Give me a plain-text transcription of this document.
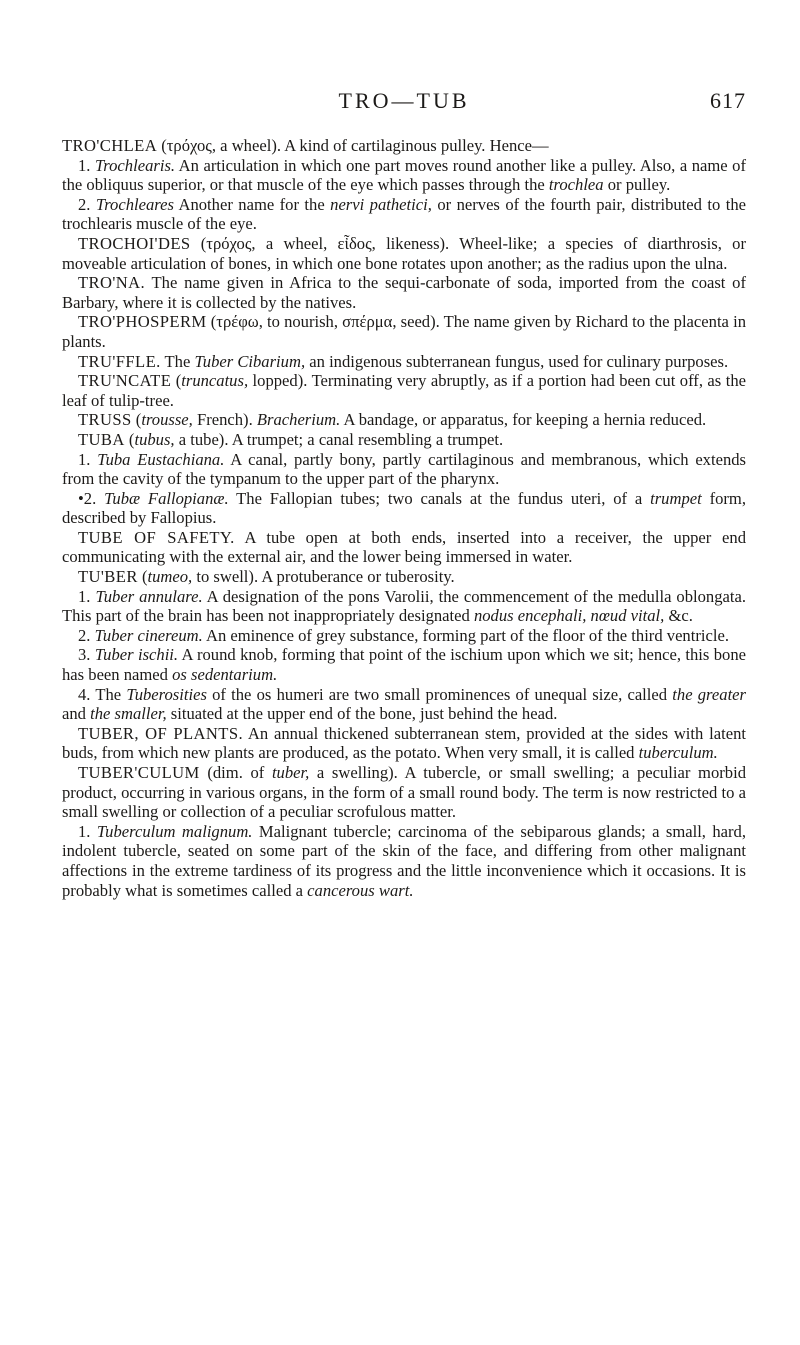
TRO—TUB	617

TRO'CHLEA (τρόχος, a wheel). A kind of cartilaginous pulley. Hence—

1. Trochlearis. An articulation in which one part moves round another like a pulley. Also, a name of the obliquus superior, or that muscle of the eye which passes through the trochlea or pulley.

2. Trochleares Another name for the nervi pathetici, or nerves of the fourth pair, distributed to the trochlearis muscle of the eye.

TROCHOI'DES (τρόχος, a wheel, εἶδος, likeness). Wheel-like; a species of diarthrosis, or moveable articulation of bones, in which one bone rotates upon another; as the radius upon the ulna.

TRO'NA. The name given in Africa to the sequi-carbonate of soda, imported from the coast of Barbary, where it is collected by the natives.

TRO'PHOSPERM (τρέφω, to nourish, σπέρμα, seed). The name given by Richard to the placenta in plants.

TRU'FFLE. The Tuber Cibarium, an indigenous subterranean fungus, used for culinary purposes.

TRU'NCATE (truncatus, lopped). Terminating very abruptly, as if a portion had been cut off, as the leaf of tulip-tree.

TRUSS (trousse, French). Bracherium. A bandage, or apparatus, for keeping a hernia reduced.

TUBA (tubus, a tube). A trumpet; a canal resembling a trumpet.

1. Tuba Eustachiana. A canal, partly bony, partly cartilaginous and membranous, which extends from the cavity of the tympanum to the upper part of the pharynx.

•2. Tubæ Fallopianæ. The Fallopian tubes; two canals at the fundus uteri, of a trumpet form, described by Fallopius.

TUBE OF SAFETY. A tube open at both ends, inserted into a receiver, the upper end communicating with the external air, and the lower being immersed in water.

TU'BER (tumeo, to swell). A protuberance or tuberosity.

1. Tuber annulare. A designation of the pons Varolii, the commencement of the medulla oblongata. This part of the brain has been not inappropriately designated nodus encephali, nœud vital, &c.

2. Tuber cinereum. An eminence of grey substance, forming part of the floor of the third ventricle.

3. Tuber ischii. A round knob, forming that point of the ischium upon which we sit; hence, this bone has been named os sedentarium.

4. The Tuberosities of the os humeri are two small prominences of unequal size, called the greater and the smaller, situated at the upper end of the bone, just behind the head.

TUBER, OF PLANTS. An annual thickened subterranean stem, provided at the sides with latent buds, from which new plants are produced, as the potato. When very small, it is called tuberculum.

TUBER'CULUM (dim. of tuber, a swelling). A tubercle, or small swelling; a peculiar morbid product, occurring in various organs, in the form of a small round body. The term is now restricted to a small swelling or collection of a peculiar scrofulous matter.

1. Tuberculum malignum. Malignant tubercle; carcinoma of the sebiparous glands; a small, hard, indolent tubercle, seated on some part of the skin of the face, and differing from other malignant affections in the extreme tardiness of its progress and the little inconvenience which it occasions. It is probably what is sometimes called a cancerous wart.
